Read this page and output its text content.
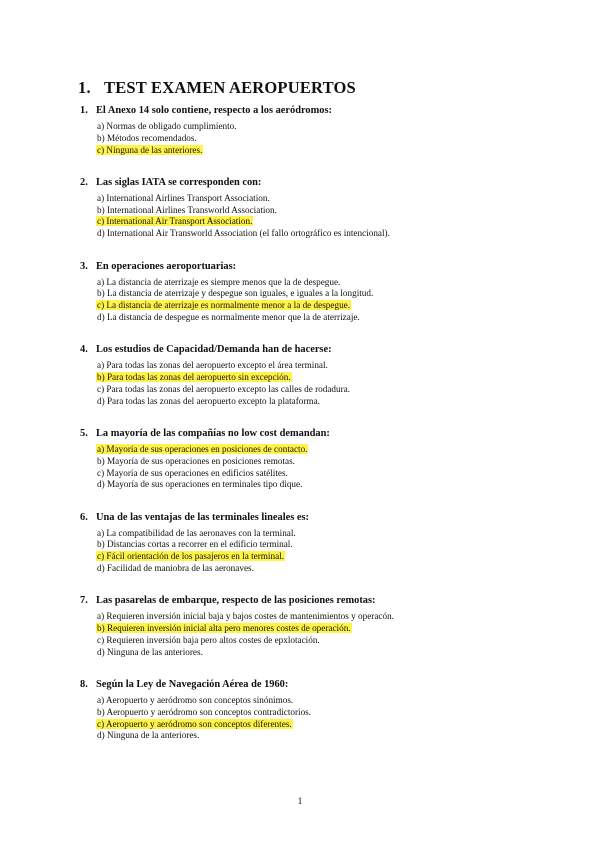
1. TEST EXAMEN AEROPUERTOS
1. El Anexo 14 solo contiene, respecto a los aeródromos:
a) Normas de obligado cumplimiento.
b) Métodos recomendados.
c) Ninguna de las anteriores.
2. Las siglas IATA se corresponden con:
a) International Airlines Transport Association.
b) International Airlines Transworld Association.
c) International Air Transport Association.
d) International Air Transworld Association (el fallo ortográfico es intencional).
3. En operaciones aeroportuarias:
a) La distancia de aterrizaje es siempre menos que la de despegue.
b) La distancia de aterrizaje y despegue son iguales, e iguales a la longitud.
c) La distancia de aterrizaje es normalmente menor a la de despegue.
d) La distancia de despegue es normalmente menor que la de aterrizaje.
4. Los estudios de Capacidad/Demanda han de hacerse:
a) Para todas las zonas del aeropuerto excepto el área terminal.
b) Para todas las zonas del aeropuerto sin excepción.
c) Para todas las zonas del aeropuerto excepto las calles de rodadura.
d) Para todas las zonas del aeropuerto excepto la plataforma.
5. La mayoría de las compañías no low cost demandan:
a) Mayoría de sus operaciones en posiciones de contacto.
b) Mayoría de sus operaciones en posiciones remotas.
c) Mayoría de sus operaciones en edificios satélites.
d) Mayoría de sus operaciones en terminales tipo dique.
6. Una de las ventajas de las terminales lineales es:
a) La compatibilidad de las aeronaves con la terminal.
b) Distancias cortas a recorrer en el edificio terminal.
c) Fácil orientación de los pasajeros en la terminal.
d) Facilidad de maniobra de las aeronaves.
7. Las pasarelas de embarque, respecto de las posiciones remotas:
a) Requieren inversión inicial baja y bajos costes de mantenimientos y operacón.
b) Requieren inversión inicial alta pero menores costes de operación.
c) Requieren inversión baja pero altos costes de epxlotación.
d) Ninguna de las anteriores.
8. Según la Ley de Navegación Aérea de 1960:
a) Aeropuerto y aeródromo son conceptos sinónimos.
b) Aeropuerto y aeródromo son conceptos contradictorios.
c) Aeropuerto y aeródromo son conceptos diferentes.
d) Ninguna de la anteriores.
1
